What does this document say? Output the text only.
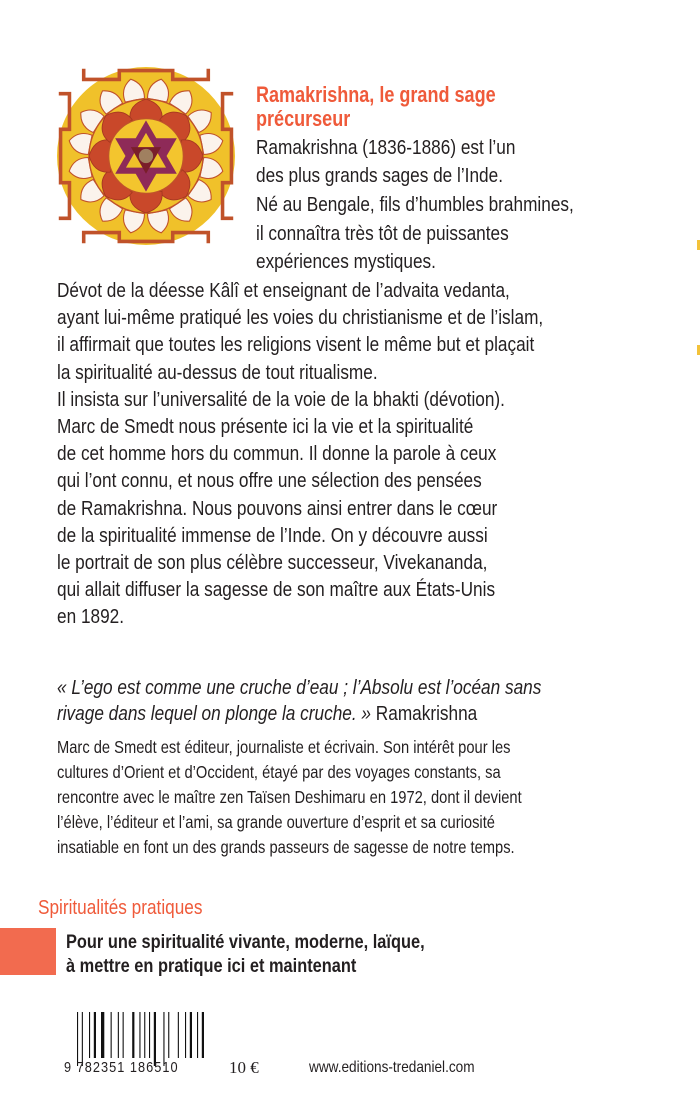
Ramakrishna, le grand sage
précurseur
Ramakrishna (1836-1886) est l’un
des plus grands sages de l’Inde.
Né au Bengale, fils d’humbles brahmines,
il connaîtra très tôt de puissantes
expériences mystiques.
Dévot de la déesse Kâlî et enseignant de l’advaita vedanta,
ayant lui-même pratiqué les voies du christianisme et de l’islam,
il affirmait que toutes les religions visent le même but et plaçait
la spiritualité au-dessus de tout ritualisme.
Il insista sur l’universalité de la voie de la bhakti (dévotion).
Marc de Smedt nous présente ici la vie et la spiritualité
de cet homme hors du commun. Il donne la parole à ceux
qui l’ont connu, et nous offre une sélection des pensées
de Ramakrishna. Nous pouvons ainsi entrer dans le cœur
de la spiritualité immense de l’Inde. On y découvre aussi
le portrait de son plus célèbre successeur, Vivekananda,
qui allait diffuser la sagesse de son maître aux États-Unis
en 1892.
« L’ego est comme une cruche d’eau ; l’Absolu est l’océan sans
rivage dans lequel on plonge la cruche. » Ramakrishna
Marc de Smedt est éditeur, journaliste et écrivain. Son intérêt pour les
cultures d’Orient et d’Occident, étayé par des voyages constants, sa
rencontre avec le maître zen Taïsen Deshimaru en 1972, dont il devient
l’élève, l’éditeur et l’ami, sa grande ouverture d’esprit et sa curiosité
insatiable en font un des grands passeurs de sagesse de notre temps.
Spiritualités pratiques
Pour une spiritualité vivante, moderne, laïque,
à mettre en pratique ici et maintenant
9 782351 186510	10 €	www.editions-tredaniel.com
